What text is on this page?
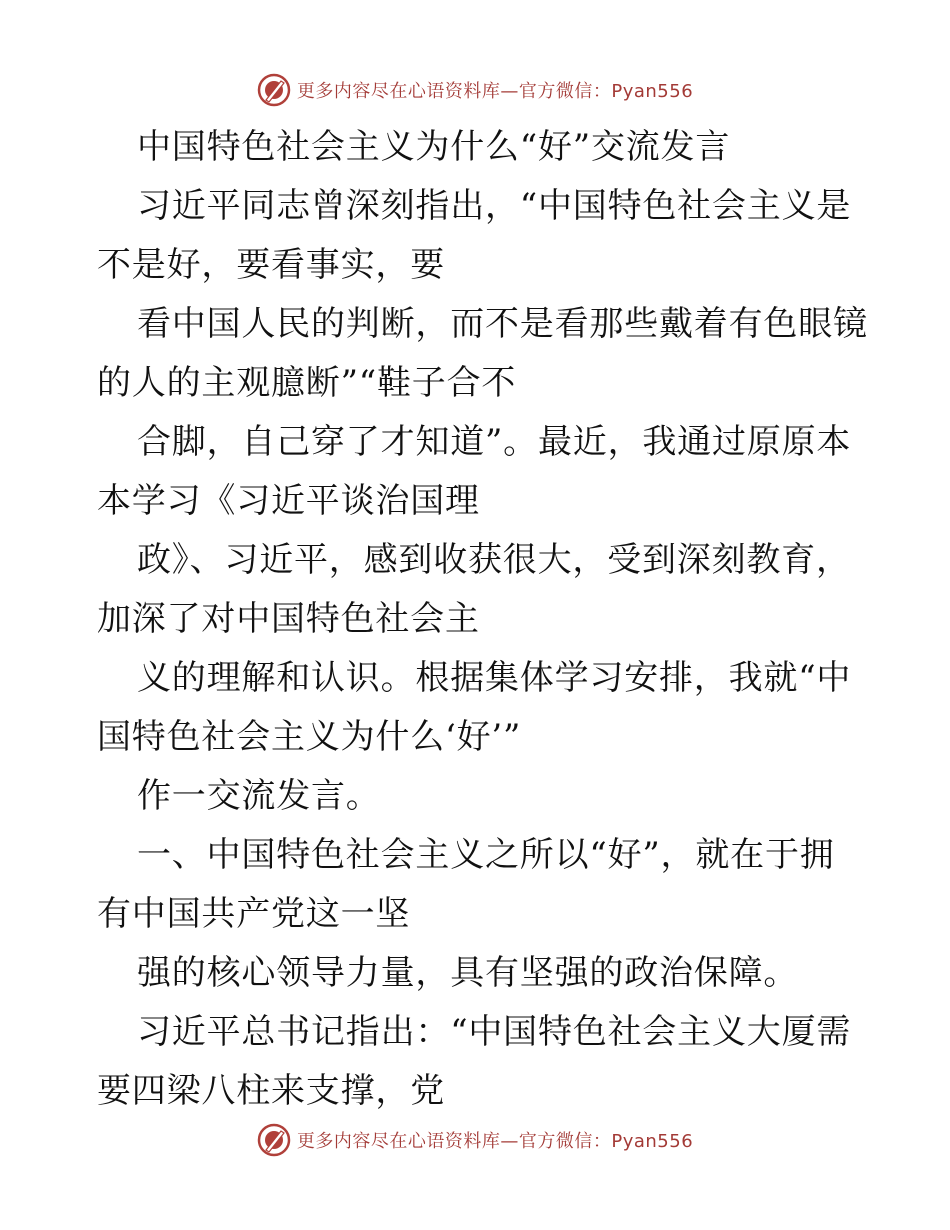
更多内容尽在心语资料库—官方微信：Pyan556
中国特色社会主义为什么“好”交流发言
习近平同志曾深刻指出，“中国特色社会主义是
不是好，要看事实，要
看中国人民的判断，而不是看那些戴着有色眼镜
的人的主观臆断”“鞋子合不
合脚，自己穿了才知道”。最近，我通过原原本
本学习《习近平谈治国理
政》、习近平，感到收获很大，受到深刻教育，
加深了对中国特色社会主
义的理解和认识。根据集体学习安排，我就“中
国特色社会主义为什么‘好’”
作一交流发言。
一、中国特色社会主义之所以“好”，就在于拥
有中国共产党这一坚
强的核心领导力量，具有坚强的政治保障。
习近平总书记指出：“中国特色社会主义大厦需
要四梁八柱来支撑，党
更多内容尽在心语资料库—官方微信：Pyan556
